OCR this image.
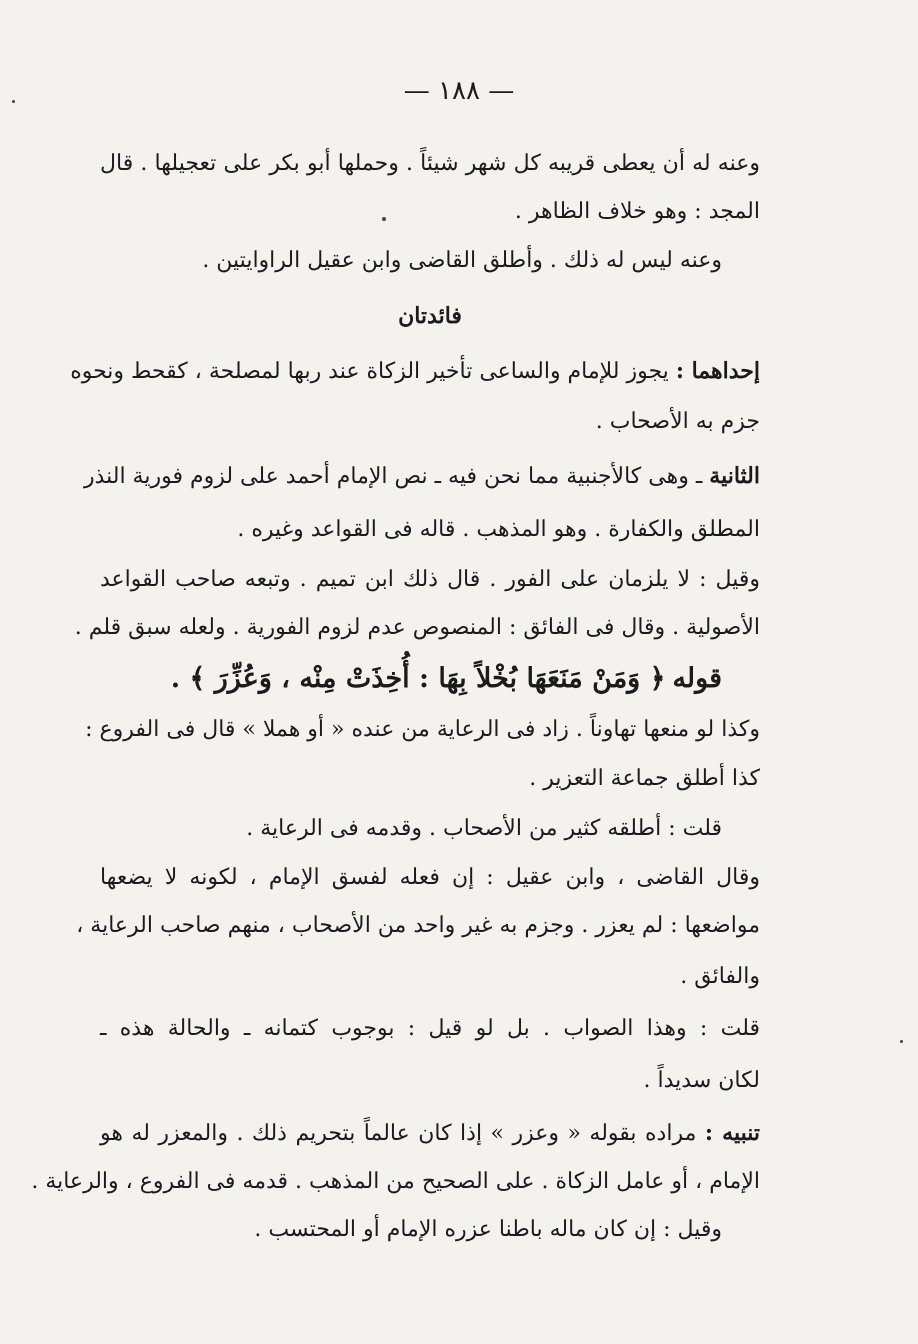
— ١٨٨ —

وعنه له أن يعطى قريبه كل شهر شيئاً . وحملها أبو بكر على تعجيلها . قال

المجد : وهو خلاف الظاهر .

وعنه ليس له ذلك . وأطلق القاضى وابن عقيل الراوايتين .

فائدتان

إحداهما : يجوز للإمام والساعى تأخير الزكاة عند ربها لمصلحة ، كقحط ونحوه

جزم به الأصحاب .

الثانية ـ وهى كالأجنبية مما نحن فيه ـ نص الإمام أحمد على لزوم فورية النذر

المطلق والكفارة . وهو المذهب . قاله فى القواعد وغيره .

وقيل : لا يلزمان على الفور . قال ذلك ابن تميم . وتبعه صاحب القواعد

الأصولية . وقال فى الفائق : المنصوص عدم لزوم الفورية . ولعله سبق قلم .

قوله ﴿ وَمَنْ مَنَعَهَا بُخْلاً بِهَا : أُخِذَتْ مِنْه ، وَعُزِّرَ ﴾ .

وكذا لو منعها تهاوناً . زاد فى الرعاية من عنده « أو هملا » قال فى الفروع :

كذا أطلق جماعة التعزير .

قلت : أطلقه كثير من الأصحاب . وقدمه فى الرعاية .

وقال القاضى ، وابن عقيل : إن فعله لفسق الإمام ، لكونه لا يضعها

مواضعها : لم يعزر . وجزم به غير واحد من الأصحاب ، منهم صاحب الرعاية ،

والفائق .

قلت : وهذا الصواب . بل لو قيل : بوجوب كتمانه ـ والحالة هذه ـ

لكان سديداً .

تنبيه : مراده بقوله « وعزر » إذا كان عالماً بتحريم ذلك . والمعزر له هو

الإمام ، أو عامل الزكاة . على الصحيح من المذهب . قدمه فى الفروع ، والرعاية .

وقيل : إن كان ماله باطنا عزره الإمام أو المحتسب .
